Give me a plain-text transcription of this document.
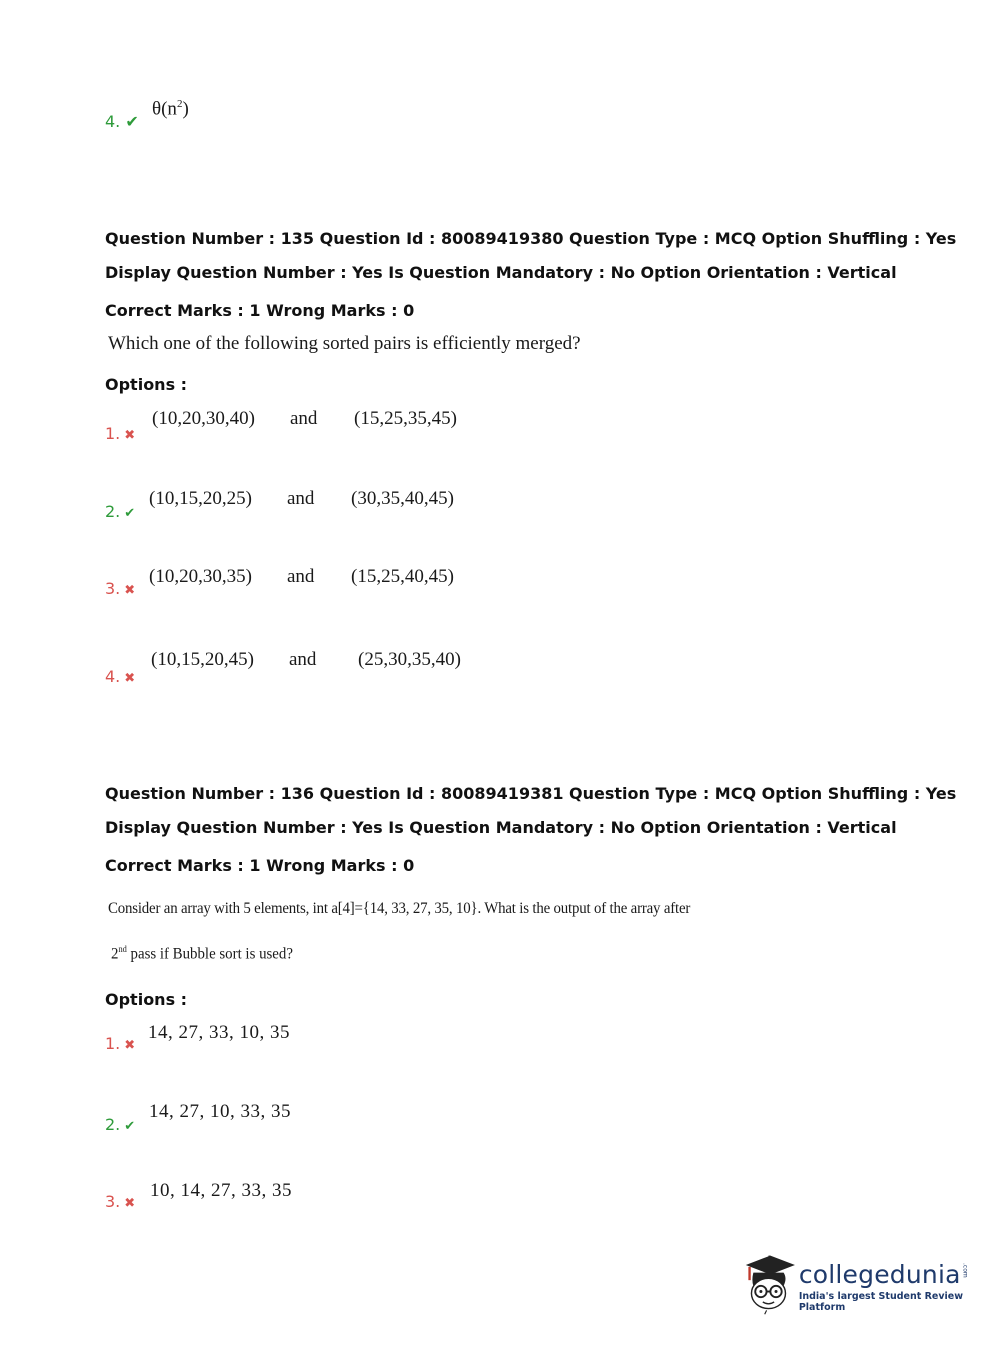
4. ✔
$\theta(n^2)$
Question Number : 135 Question Id : 80089419380 Question Type : MCQ Option Shuffling : Yes
Display Question Number : Yes Is Question Mandatory : No Option Orientation : Vertical
Correct Marks : 1 Wrong Marks : 0
Which one of the following sorted pairs is efficiently merged?
Options :
1. ✖
(10,20,30,40) and (15,25,35,45)
2. ✔
(10,15,20,25) and (30,35,40,45)
3. ✖
(10,20,30,35) and (15,25,40,45)
4. ✖
(10,15,20,45) and (25,30,35,40)
Question Number : 136 Question Id : 80089419381 Question Type : MCQ Option Shuffling : Yes
Display Question Number : Yes Is Question Mandatory : No Option Orientation : Vertical
Correct Marks : 1 Wrong Marks : 0
Consider an array with 5 elements, int a[4]={14, 33, 27, 35, 10}. What is the output of the array after
2nd pass if Bubble sort is used?
Options :
1. ✖
14, 27, 33, 10, 35
2. ✔
14, 27, 10, 33, 35
3. ✖
10, 14, 27, 33, 35
collegedunia .com
India's largest Student Review Platform
